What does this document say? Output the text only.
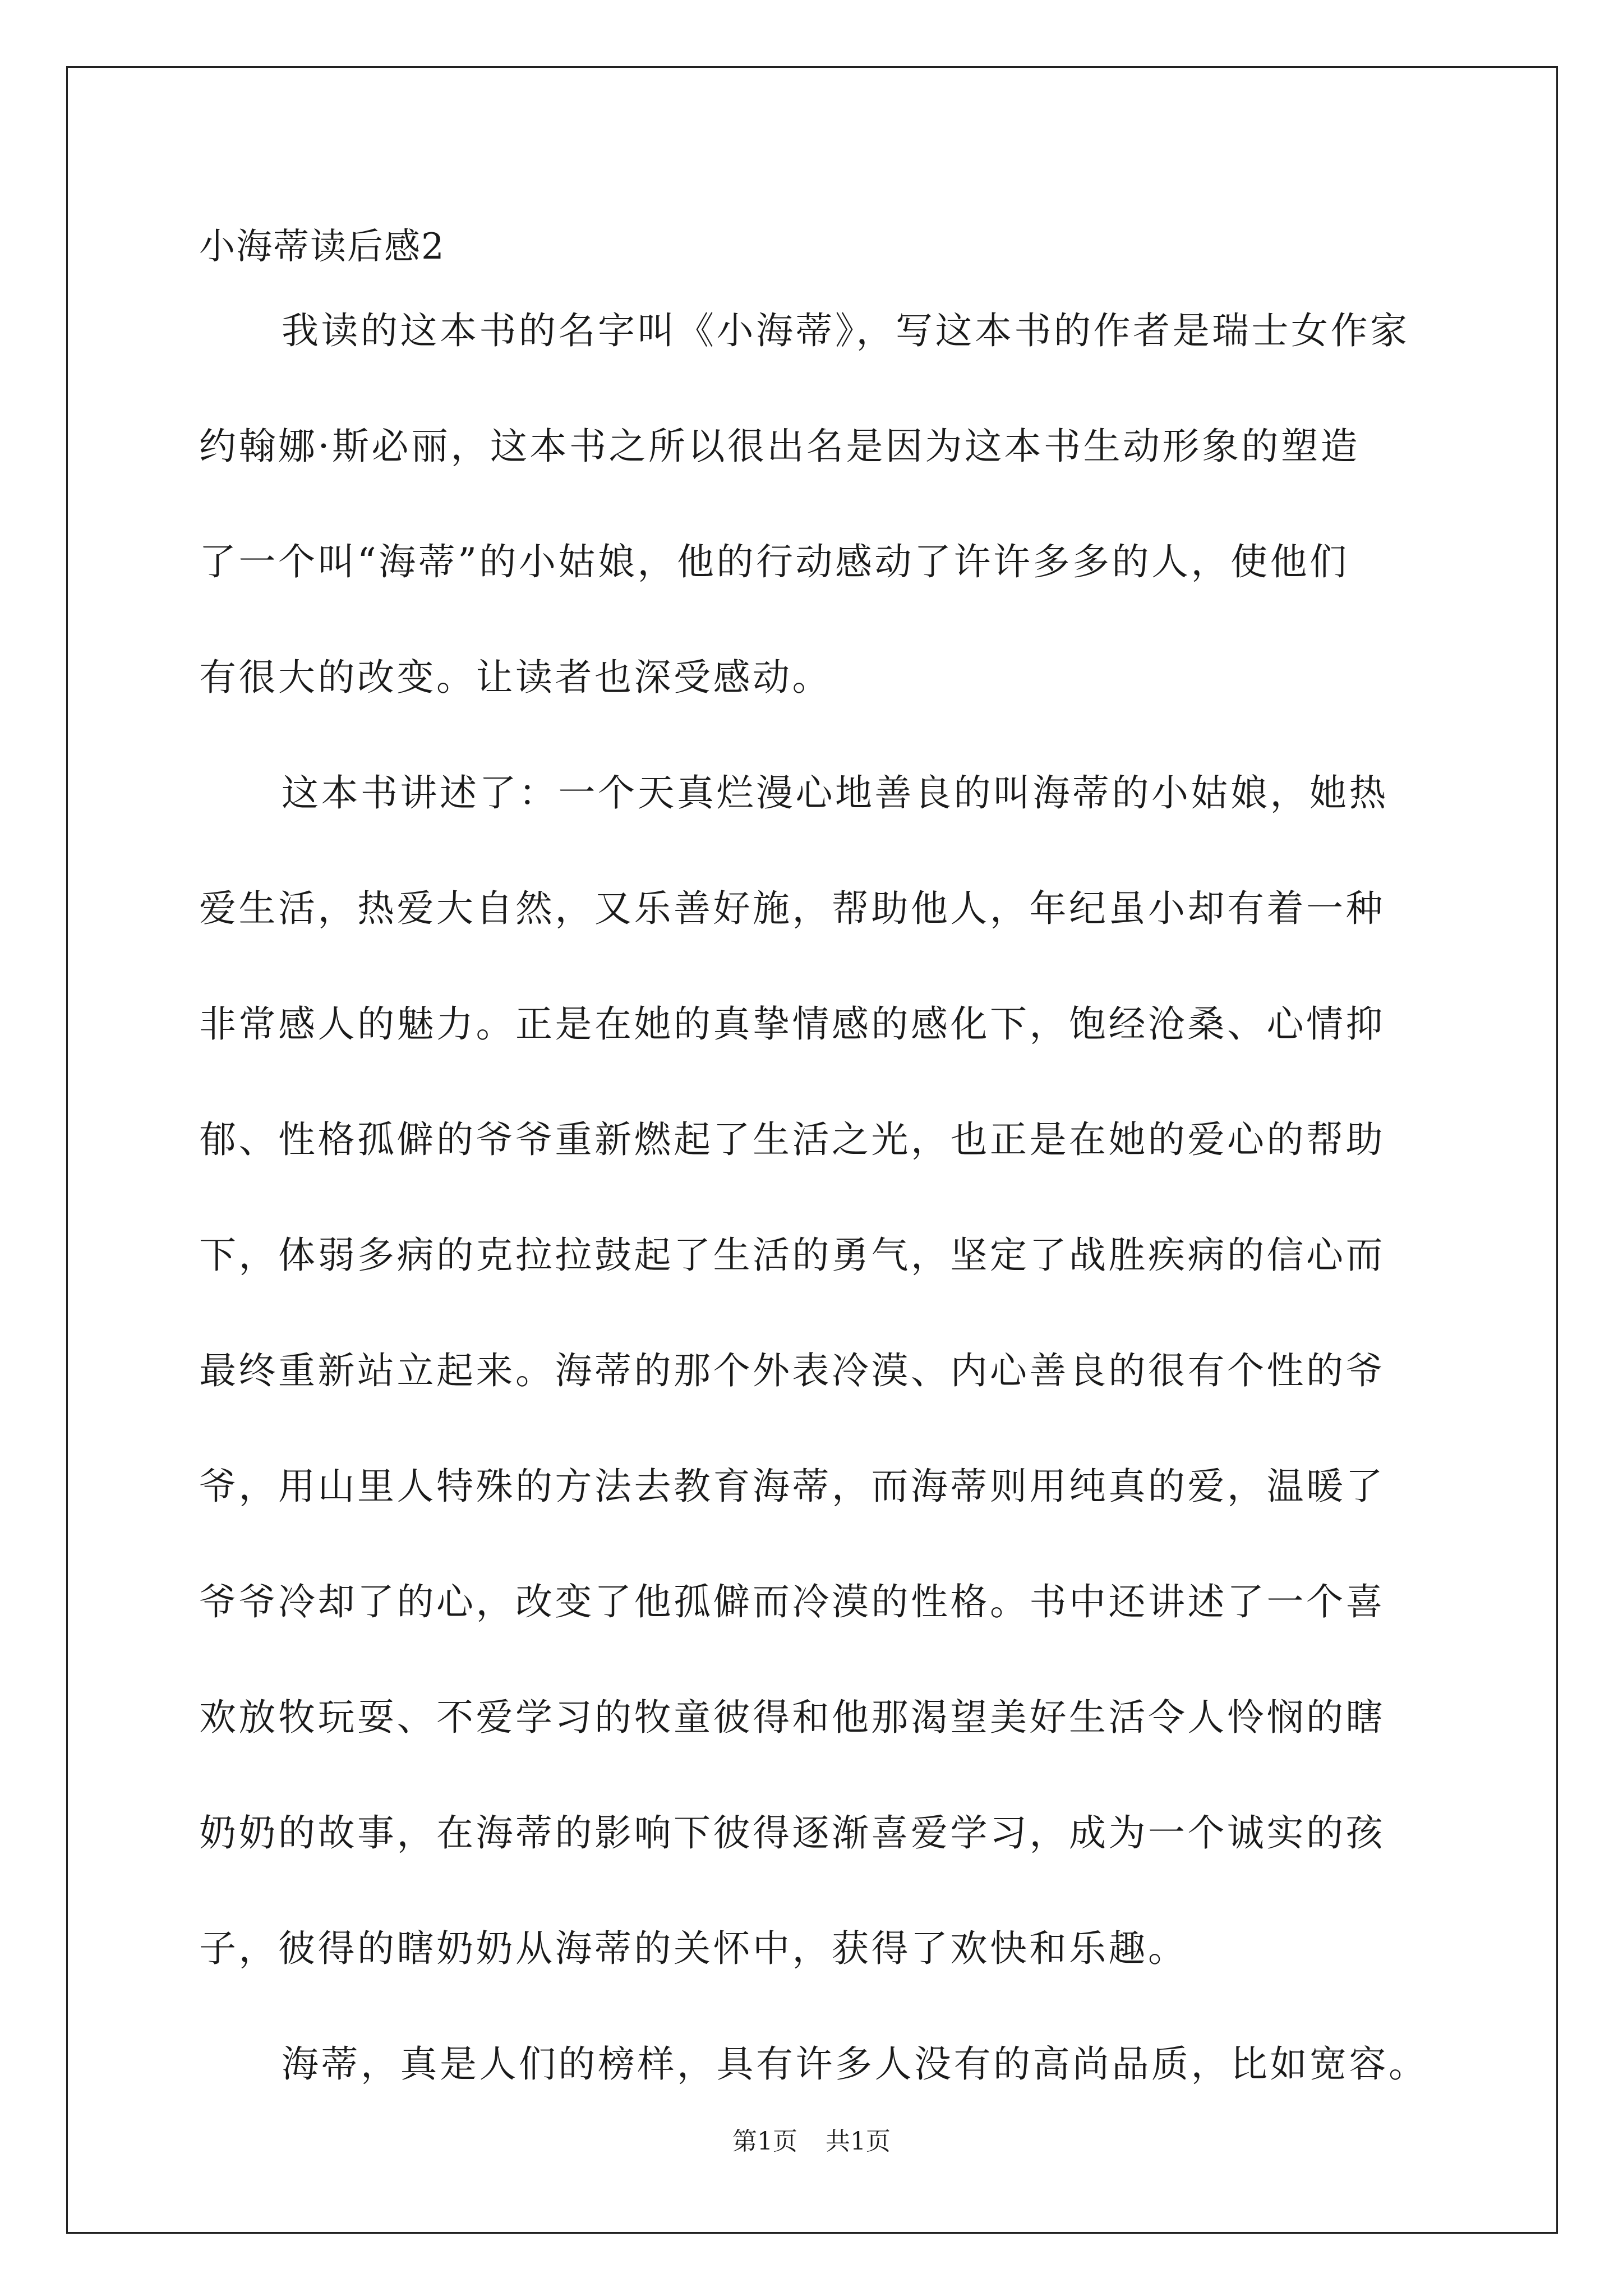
小海蒂读后感2
我读的这本书的名字叫《小海蒂》，写这本书的作者是瑞士女作家
约翰娜·斯必丽，这本书之所以很出名是因为这本书生动形象的塑造
了一个叫“海蒂”的小姑娘，他的行动感动了许许多多的人，使他们
有很大的改变。让读者也深受感动。
这本书讲述了：一个天真烂漫心地善良的叫海蒂的小姑娘，她热
爱生活，热爱大自然，又乐善好施，帮助他人，年纪虽小却有着一种
非常感人的魅力。正是在她的真挚情感的感化下，饱经沧桑、心情抑
郁、性格孤僻的爷爷重新燃起了生活之光，也正是在她的爱心的帮助
下，体弱多病的克拉拉鼓起了生活的勇气，坚定了战胜疾病的信心而
最终重新站立起来。海蒂的那个外表冷漠、内心善良的很有个性的爷
爷，用山里人特殊的方法去教育海蒂，而海蒂则用纯真的爱，温暖了
爷爷冷却了的心，改变了他孤僻而冷漠的性格。书中还讲述了一个喜
欢放牧玩耍、不爱学习的牧童彼得和他那渴望美好生活令人怜悯的瞎
奶奶的故事，在海蒂的影响下彼得逐渐喜爱学习，成为一个诚实的孩
子，彼得的瞎奶奶从海蒂的关怀中，获得了欢快和乐趣。
海蒂，真是人们的榜样，具有许多人没有的高尚品质，比如宽容。
第1页 共1页
